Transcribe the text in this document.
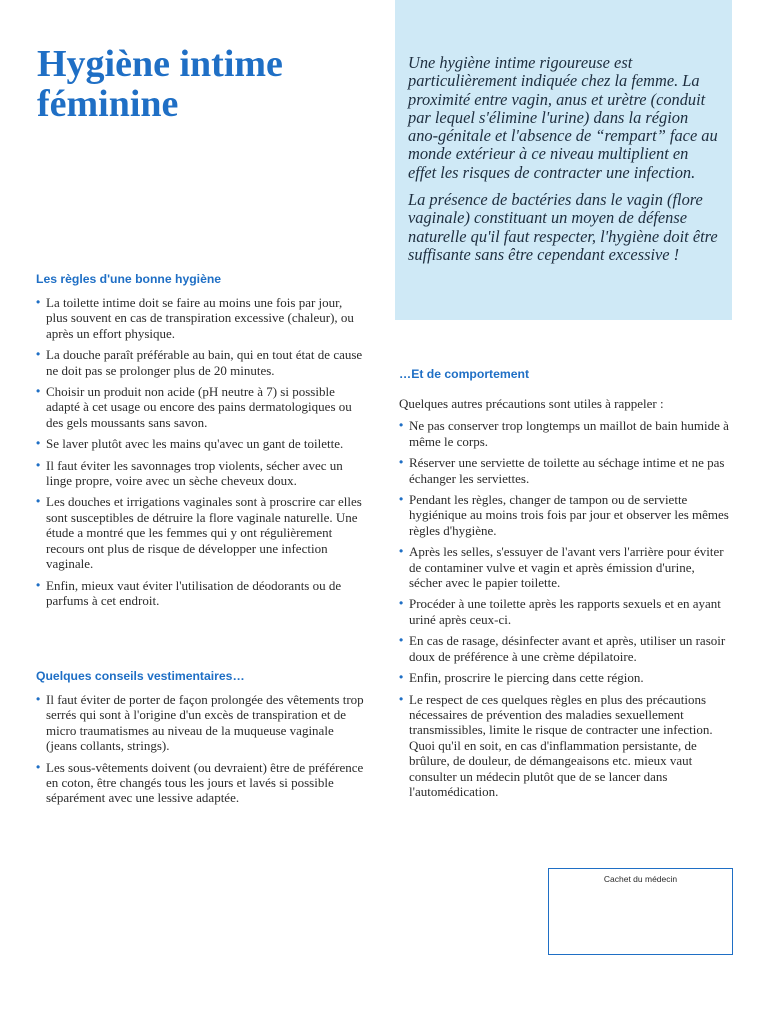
Hygiène intime féminine

Une hygiène intime rigoureuse est particulièrement indiquée chez la femme. La proximité entre vagin, anus et urètre (conduit par lequel s'élimine l'urine) dans la région ano-génitale et l'absence de “rempart” face au monde extérieur à ce niveau multiplient en effet les risques de contracter une infection.

La présence de bactéries dans le vagin (flore vaginale) constituant un moyen de défense naturelle qu'il faut respecter, l'hygiène doit être suffisante sans être cependant excessive !

Les règles d'une bonne hygiène
• La toilette intime doit se faire au moins une fois par jour, plus souvent en cas de transpiration excessive (chaleur), ou après un effort physique.
• La douche paraît préférable au bain, qui en tout état de cause ne doit pas se prolonger plus de 20 minutes.
• Choisir un produit non acide (pH neutre à 7) si possible adapté à cet usage ou encore des pains dermatologiques ou des gels moussants sans savon.
• Se laver plutôt avec les mains qu'avec un gant de toilette.
• Il faut éviter les savonnages trop violents, sécher avec un linge propre, voire avec un sèche cheveux doux.
• Les douches et irrigations vaginales sont à proscrire car elles sont susceptibles de détruire la flore vaginale naturelle. Une étude a montré que les femmes qui y ont régulièrement recours ont plus de risque de développer une infection vaginale.
• Enfin, mieux vaut éviter l'utilisation de déodorants ou de parfums à cet endroit.
Quelques conseils vestimentaires…
• Il faut éviter de porter de façon prolongée des vêtements trop serrés qui sont à l'origine d'un excès de transpiration et de micro traumatismes au niveau de la muqueuse vaginale (jeans collants, strings).
• Les sous-vêtements doivent (ou devraient) être de préférence en coton, être changés tous les jours et lavés si possible séparément avec une lessive adaptée.
…Et de comportement

Quelques autres précautions sont utiles à rappeler :

• Ne pas conserver trop longtemps un maillot de bain humide à même le corps.
• Réserver une serviette de toilette au séchage intime et ne pas échanger les serviettes.
• Pendant les règles, changer de tampon ou de serviette hygiénique au moins trois fois par jour et observer les mêmes règles d'hygiène.
• Après les selles, s'essuyer de l'avant vers l'arrière pour éviter de contaminer vulve et vagin et après émission d'urine, sécher avec le papier toilette.
• Procéder à une toilette après les rapports sexuels et en ayant uriné après ceux-ci.
• En cas de rasage, désinfecter avant et après, utiliser un rasoir doux de préférence à une crème dépilatoire.
• Enfin, proscrire le piercing dans cette région.
• Le respect de ces quelques règles en plus des précautions nécessaires de prévention des maladies sexuellement transmissibles, limite le risque de contracter une infection. Quoi qu'il en soit, en cas d'inflammation persistante, de brûlure, de douleur, de démangeaisons etc. mieux vaut consulter un médecin plutôt que de se lancer dans l'automédication.
Cachet du médecin
